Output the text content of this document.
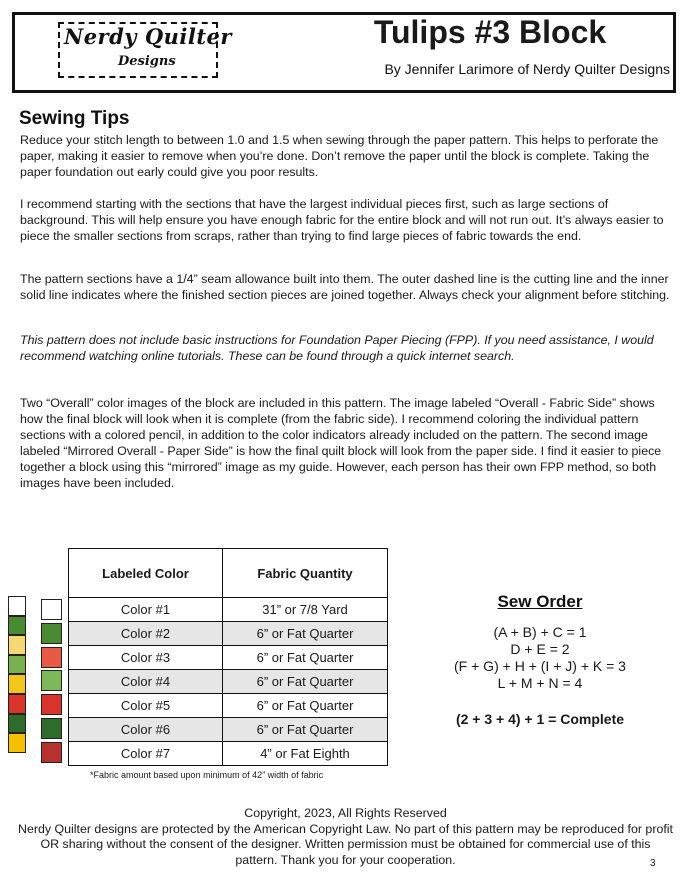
Nerdy Quilter
Designs
Tulips #3 Block
By Jennifer Larimore of Nerdy Quilter Designs
Sewing Tips
Reduce your stitch length to between 1.0 and 1.5 when sewing through the paper pattern. This helps to perforate the paper, making it easier to remove when you’re done. Don’t remove the paper until the block is complete. Taking the paper foundation out early could give you poor results.
I recommend starting with the sections that have the largest individual pieces first, such as large sections of background. This will help ensure you have enough fabric for the entire block and will not run out. It’s always easier to piece the smaller sections from scraps, rather than trying to find large pieces of fabric towards the end.
The pattern sections have a 1/4” seam allowance built into them. The outer dashed line is the cutting line and the inner solid line indicates where the finished section pieces are joined together. Always check your alignment before stitching.
This pattern does not include basic instructions for Foundation Paper Piecing (FPP). If you need assistance, I would recommend watching online tutorials. These can be found through a quick internet search.
Two “Overall” color images of the block are included in this pattern. The image labeled “Overall - Fabric Side” shows how the final block will look when it is complete (from the fabric side). I recommend coloring the individual pattern sections with a colored pencil, in addition to the color indicators already included on the pattern. The second image labeled “Mirrored Overall - Paper Side” is how the final quilt block will look from the paper side. I find it easier to piece together a block using this “mirrored” image as my guide. However, each person has their own FPP method, so both images have been included.
Labeled Color	Fabric Quantity
Color #1	31” or 7/8 Yard
Color #2	6” or Fat Quarter
Color #3	6” or Fat Quarter
Color #4	6” or Fat Quarter
Color #5	6” or Fat Quarter
Color #6	6” or Fat Quarter
Color #7	4” or Fat Eighth
*Fabric amount based upon minimum of 42” width of fabric
Sew Order
(A + B) + C = 1
D + E = 2
(F + G) + H + (I + J) + K = 3
L + M + N = 4
(2 + 3 + 4) + 1 = Complete
Copyright, 2023, All Rights Reserved
Nerdy Quilter designs are protected by the American Copyright Law. No part of this pattern may be reproduced for profit OR sharing without the consent of the designer. Written permission must be obtained for commercial use of this pattern. Thank you for your cooperation.	3
